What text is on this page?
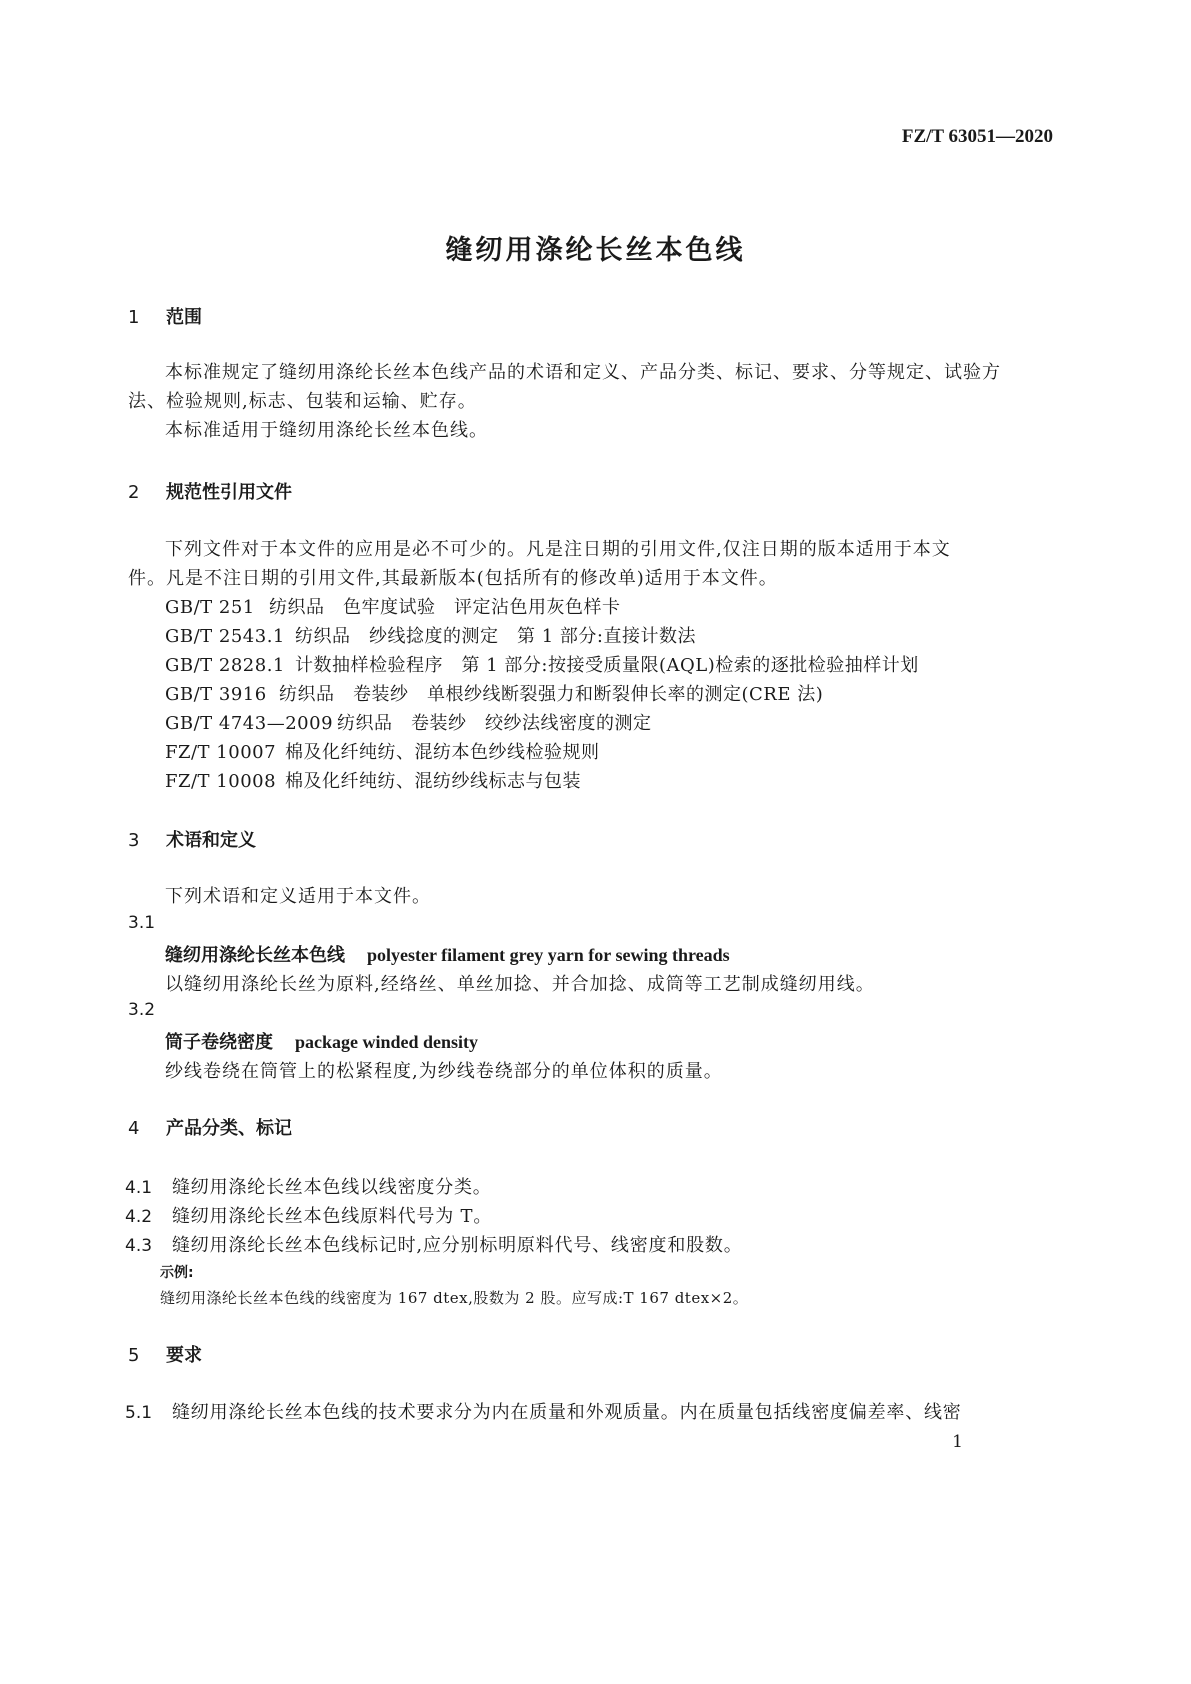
FZ/T 63051—2020
缝纫用涤纶长丝本色线
1 范围
本标准规定了缝纫用涤纶长丝本色线产品的术语和定义、产品分类、标记、要求、分等规定、试验方
法、检验规则,标志、包装和运输、贮存。
本标准适用于缝纫用涤纶长丝本色线。
2 规范性引用文件
下列文件对于本文件的应用是必不可少的。凡是注日期的引用文件,仅注日期的版本适用于本文
件。凡是不注日期的引用文件,其最新版本(包括所有的修改单)适用于本文件。
GB/T 251 纺织品　色牢度试验　评定沾色用灰色样卡
GB/T 2543.1 纺织品　纱线捻度的测定　第 1 部分:直接计数法
GB/T 2828.1 计数抽样检验程序　第 1 部分:按接受质量限(AQL)检索的逐批检验抽样计划
GB/T 3916 纺织品　卷装纱　单根纱线断裂强力和断裂伸长率的测定(CRE 法)
GB/T 4743—2009 纺织品　卷装纱　绞纱法线密度的测定
FZ/T 10007 棉及化纤纯纺、混纺本色纱线检验规则
FZ/T 10008 棉及化纤纯纺、混纺纱线标志与包装
3 术语和定义
下列术语和定义适用于本文件。
3.1
缝纫用涤纶长丝本色线 polyester filament grey yarn for sewing threads
以缝纫用涤纶长丝为原料,经络丝、单丝加捻、并合加捻、成筒等工艺制成缝纫用线。
3.2
筒子卷绕密度 package winded density
纱线卷绕在筒管上的松紧程度,为纱线卷绕部分的单位体积的质量。
4 产品分类、标记
4.1 缝纫用涤纶长丝本色线以线密度分类。
4.2 缝纫用涤纶长丝本色线原料代号为 T。
4.3 缝纫用涤纶长丝本色线标记时,应分别标明原料代号、线密度和股数。
示例:
缝纫用涤纶长丝本色线的线密度为 167 dtex,股数为 2 股。应写成:T 167 dtex×2。
5 要求
5.1 缝纫用涤纶长丝本色线的技术要求分为内在质量和外观质量。内在质量包括线密度偏差率、线密
1
